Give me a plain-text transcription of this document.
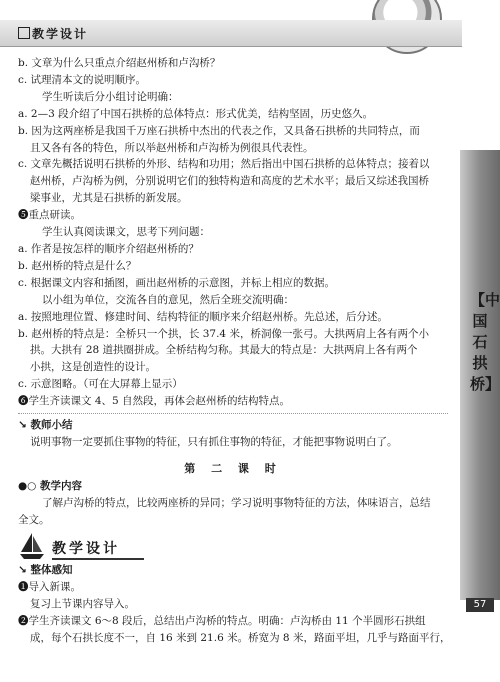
教学设计
【中国石拱桥】
57

b. 文章为什么只重点介绍赵州桥和卢沟桥？

c. 试理清本文的说明顺序。

学生听读后分小组讨论明确：

a. 2—3 段介绍了中国石拱桥的总体特点：形式优美，结构坚固，历史悠久。

b. 因为这两座桥是我国千万座石拱桥中杰出的代表之作，又具备石拱桥的共同特点，而

且又各有各的特色，所以举赵州桥和卢沟桥为例很具代表性。

c. 文章先概括说明石拱桥的外形、结构和功用；然后指出中国石拱桥的总体特点；接着以

赵州桥，卢沟桥为例，分别说明它们的独特构造和高度的艺术水平；最后又综述我国桥

梁事业，尤其是石拱桥的新发展。

❺重点研读。

学生认真阅读课文，思考下列问题：

a. 作者是按怎样的顺序介绍赵州桥的？

b. 赵州桥的特点是什么？

c. 根据课文内容和插图，画出赵州桥的示意图，并标上相应的数据。

以小组为单位，交流各自的意见，然后全班交流明确：

a. 按照地理位置、修建时间、结构特征的顺序来介绍赵州桥。先总述，后分述。

b. 赵州桥的特点是：全桥只一个拱，长 37.4 米，桥洞像一张弓。大拱两肩上各有两个小

拱。大拱有 28 道拱圈拼成。全桥结构匀称。其最大的特点是：大拱两肩上各有两个

小拱，这是创造性的设计。

c. 示意图略。（可在大屏幕上显示）

❻学生齐读课文 4、5 自然段，再体会赵州桥的结构特点。

↘ 教师小结

说明事物一定要抓住事物的特征，只有抓住事物的特征，才能把事物说明白了。

第 二 课 时

●○ 教学内容

了解卢沟桥的特点，比较两座桥的异同；学习说明事物特征的方法，体味语言，总结

全文。

教学设计

↘ 整体感知

❶导入新课。

复习上节课内容导入。

❷学生齐读课文 6～8 段后，总结出卢沟桥的特点。明确：卢沟桥由 11 个半圆形石拱组

成，每个石拱长度不一，自 16 米到 21.6 米。桥宽为 8 米，路面平坦，几乎与路面平行，
